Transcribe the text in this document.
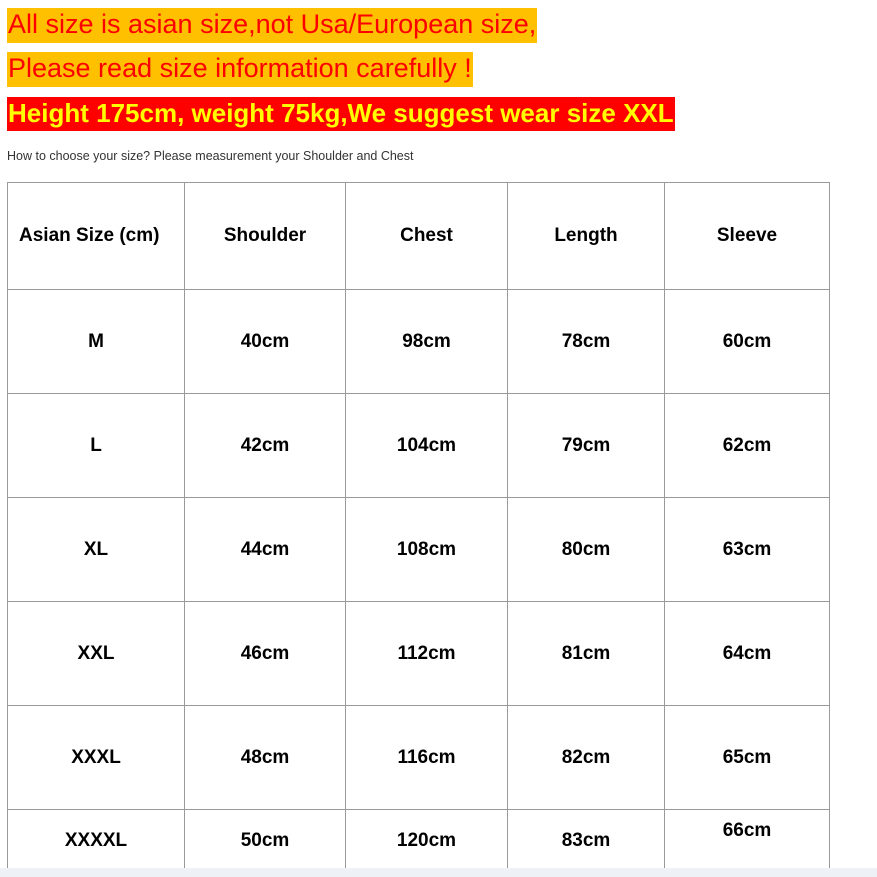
All size is asian size,not Usa/European size,
Please read size information carefully !
Height 175cm, weight 75kg,We suggest wear size XXL
How to choose your size? Please measurement your Shoulder and Chest
Asian Size (cm)	Shoulder	Chest	Length	Sleeve
M	40cm	98cm	78cm	60cm
L	42cm	104cm	79cm	62cm
XL	44cm	108cm	80cm	63cm
XXL	46cm	112cm	81cm	64cm
XXXL	48cm	116cm	82cm	65cm
XXXXL	50cm	120cm	83cm	66cm
